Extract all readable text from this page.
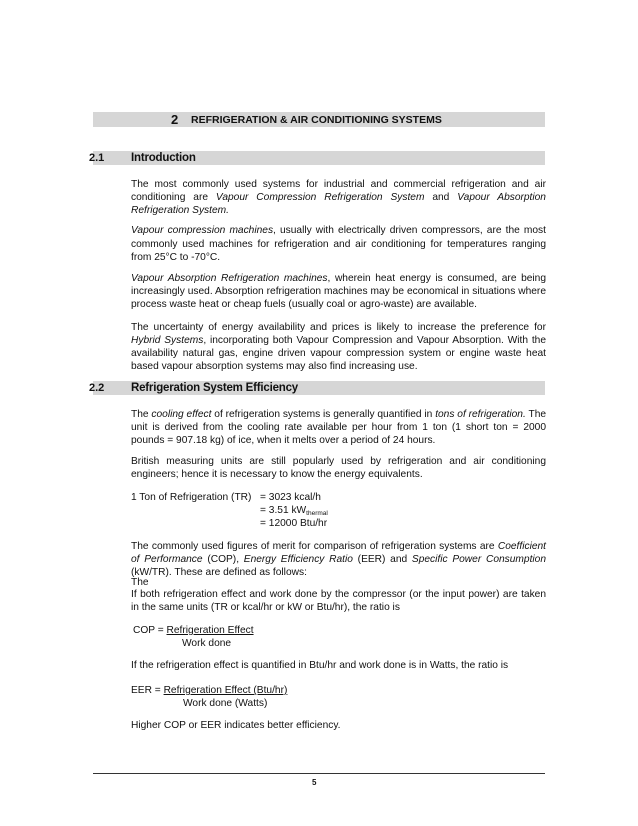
2 REFRIGERATION & AIR CONDITIONING SYSTEMS
2.1 Introduction
The most commonly used systems for industrial and commercial refrigeration and air conditioning are Vapour Compression Refrigeration System and Vapour Absorption Refrigeration System.
Vapour compression machines, usually with electrically driven compressors, are the most commonly used machines for refrigeration and air conditioning for temperatures ranging from 25°C to -70°C.
Vapour Absorption Refrigeration machines, wherein heat energy is consumed, are being increasingly used. Absorption refrigeration machines may be economical in situations where process waste heat or cheap fuels (usually coal or agro-waste) are available.
The uncertainty of energy availability and prices is likely to increase the preference for Hybrid Systems, incorporating both Vapour Compression and Vapour Absorption. With the availability natural gas, engine driven vapour compression system or engine waste heat based vapour absorption systems may also find increasing use.
2.2 Refrigeration System Efficiency
The cooling effect of refrigeration systems is generally quantified in tons of refrigeration. The unit is derived from the cooling rate available per hour from 1 ton (1 short ton = 2000 pounds = 907.18 kg) of ice, when it melts over a period of 24 hours.
British measuring units are still popularly used by refrigeration and air conditioning engineers; hence it is necessary to know the energy equivalents.
1 Ton of Refrigeration (TR) = 3023 kcal/h
= 3.51 $kW_{thermal}$
= 12000 Btu/hr
The commonly used figures of merit for comparison of refrigeration systems are Coefficient of Performance (COP), Energy Efficiency Ratio (EER) and Specific Power Consumption (kW/TR). These are defined as follows:
The
If both refrigeration effect and work done by the compressor (or the input power) are taken in the same units (TR or kcal/hr or kW or Btu/hr), the ratio is
COP = Refrigeration Effect
Work done
If the refrigeration effect is quantified in Btu/hr and work done is in Watts, the ratio is
EER = Refrigeration Effect (Btu/hr)
Work done (Watts)
Higher COP or EER indicates better efficiency.
5
